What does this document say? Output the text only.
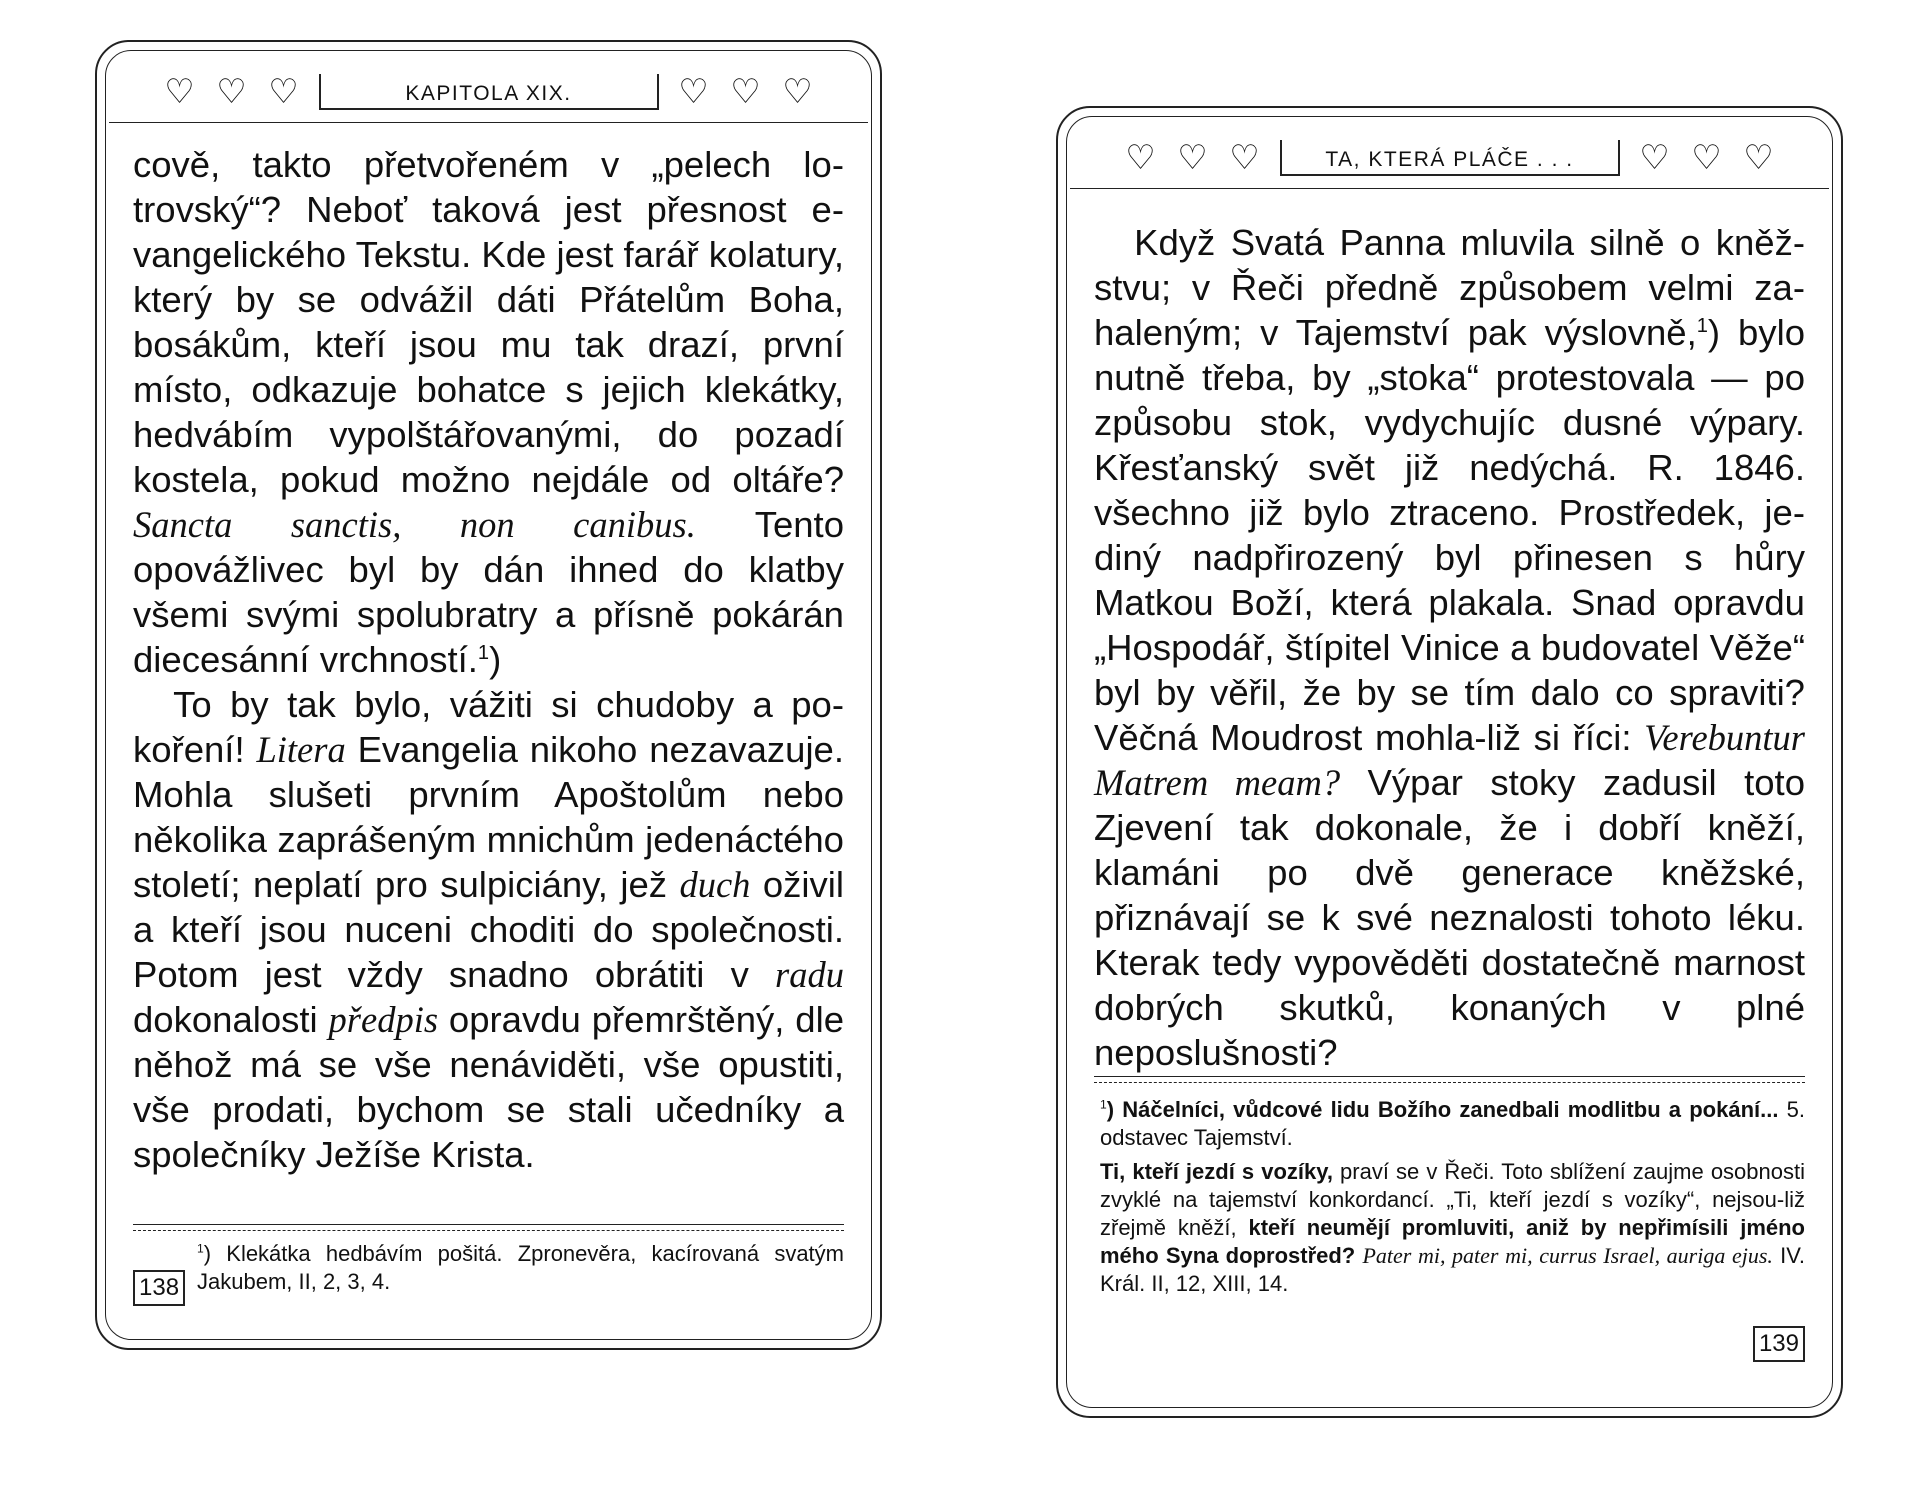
♡ ♡ ♡	KAPITOLA XIX.	♡ ♡ ♡

cově, takto přetvořeném v „pelech lotrovský“? Neboť taková jest přesnost evangelického Tekstu. Kde jest farář kolatury, který by se odvážil dáti Přátelům Boha, bosákům, kteří jsou mu tak drazí, první místo, odkazuje bohatce s jejich klekátky, hedvábím vypolštářovanými, do pozadí kostela, pokud možno nejdále od oltáře? Sancta sanctis, non canibus. Tento opovážlivec byl by dán ihned do klatby všemi svými spolubratry a přísně pokárán diecesánní vrchností.$^1$)

To by tak bylo, vážiti si chudoby a pokoření! Litera Evangelia nikoho nezavazuje. Mohla slušeti prvním Apoštolům nebo několika zaprášeným mnichům jedenáctého století; neplatí pro sulpiciány, jež duch oživil a kteří jsou nuceni choditi do společnosti. Potom jest vždy snadno obrátiti v radu dokonalosti předpis opravdu přemrštěný, dle něhož má se vše nenáviděti, vše opustiti, vše prodati, bychom se stali učedníky a společníky Ježíše Krista.

$^1$) Klekátka hedbávím pošitá. Zpronevěra, kacírovaná svatým Jakubem, II, 2, 3, 4.

138
♡ ♡ ♡	TA, KTERÁ PLÁČE . . .	♡ ♡ ♡

Když Svatá Panna mluvila silně o kněžstvu; v Řeči předně způsobem velmi zahaleným; v Tajemství pak výslovně,$^1$) bylo nutně třeba, by „stoka“ protestovala — po způsobu stok, vydychujíc dusné výpary. Křesťanský svět již nedýchá. R. 1846. všechno již bylo ztraceno. Prostředek, jediný nadpřirozený byl přinesen s hůry Matkou Boží, která plakala. Snad opravdu „Hospodář, štípitel Vinice a budovatel Věže“ byl by věřil, že by se tím dalo co spraviti? Věčná Moudrost mohla-liž si říci: Verebuntur Matrem meam? Výpar stoky zadusil toto Zjevení tak dokonale, že i dobří kněží, klamáni po dvě generace kněžské, přiznávají se k své neznalosti tohoto léku. Kterak tedy vypověděti dostatečně marnost dobrých skutků, konaných v plné neposlušnosti?

$^1$) Náčelníci, vůdcové lidu Božího zanedbali modlitbu a pokání... 5. odstavec Tajemství.

Ti, kteří jezdí s vozíky, praví se v Řeči. Toto sblížení zaujme osobnosti zvyklé na tajemství konkordancí. „Ti, kteří jezdí s vozíky“, nejsou-liž zřejmě kněží, kteří neumějí promluviti, aniž by nepřimísili jméno mého Syna doprostřed? Pater mi, pater mi, currus Israel, auriga ejus. IV. Král. II, 12, XIII, 14.

139
